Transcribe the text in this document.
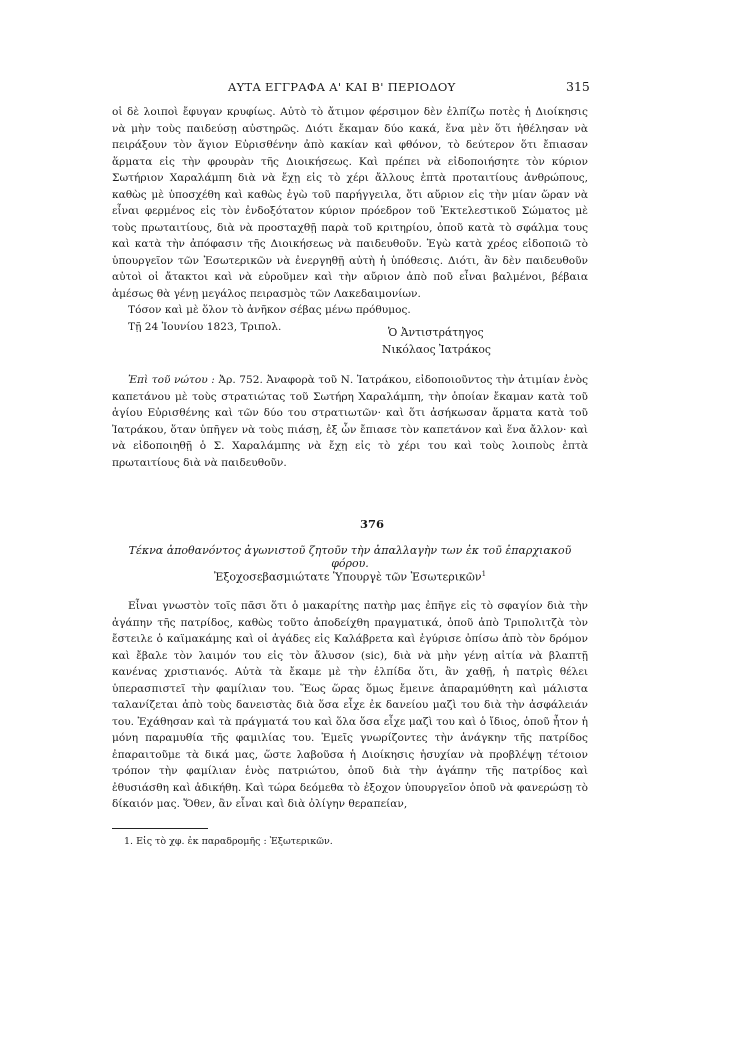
ΑΥΤΑ ΕΓΓΡΑΦΑ Α' ΚΑΙ Β' ΠΕΡΙΟΔΟΥ	315

οἱ δὲ λοιποὶ ἔφυγαν κρυφίως. Αὐτὸ τὸ ἄτιμον φέρσιμον δὲν ἐλπίζω ποτὲς ἡ Διοίκησις νὰ μὴν τοὺς παιδεύσῃ αὐστηρῶς. Διότι ἔκαμαν δύο κακά, ἕνα μὲν ὅτι ἠθέλησαν νὰ πειράξουν τὸν ἅγιον Εὐρισθένην ἀπὸ κακίαν καὶ φθόνον, τὸ δεύτερον ὅτι ἔπιασαν ἅρματα εἰς τὴν φρουρὰν τῆς Διοικήσεως. Καὶ πρέπει νὰ εἰδοποιήσητε τὸν κύριον Σωτήριον Χαραλάμπη διὰ νὰ ἔχῃ εἰς τὸ χέρι ἄλλους ἑπτὰ προταιτίους ἀνθρώπους, καθὼς μὲ ὑποσχέθη καὶ καθὼς ἐγὼ τοῦ παρήγγειλα, ὅτι αὔριον εἰς τὴν μίαν ὥραν νὰ εἶναι φερμένος εἰς τὸν ἐνδοξότατον κύριον πρόεδρον τοῦ Ἐκτελεστικοῦ Σώματος μὲ τοὺς πρωταιτίους, διὰ νὰ προσταχθῇ παρὰ τοῦ κριτηρίου, ὁποῦ κατὰ τὸ σφάλμα τους καὶ κατὰ τὴν ἀπόφασιν τῆς Διοικήσεως νὰ παιδευθοῦν. Ἐγὼ κατὰ χρέος εἰδοποιῶ τὸ ὑπουργεῖον τῶν Ἐσωτερικῶν νὰ ἐνεργηθῇ αὐτὴ ἡ ὑπόθεσις. Διότι, ἂν δὲν παιδευθοῦν αὐτοὶ οἱ ἄτακτοι καὶ νὰ εὑροῦμεν καὶ τὴν αὔριον ἀπὸ ποῦ εἶναι βαλμένοι, βέβαια ἀμέσως θὰ γένῃ μεγάλος πειρασμὸς τῶν Λακεδαιμονίων.

Τόσον καὶ μὲ ὅλον τὸ ἀνῆκον σέβας μένω πρόθυμος.

Τῇ 24 Ἰουνίου 1823, Τριπολ.	Ὁ Ἀντιστράτηγος
Νικόλαος Ἰατράκος

Ἐπὶ τοῦ νώτου : Ἀρ. 752. Ἀναφορὰ τοῦ Ν. Ἰατράκου, εἰδοποιοῦντος τὴν ἀτιμίαν ἑνὸς καπετάνου μὲ τοὺς στρατιώτας τοῦ Σωτήρη Χαραλάμπη, τὴν ὁποίαν ἔκαμαν κατὰ τοῦ ἁγίου Εὐρισθένης καὶ τῶν δύο του στρατιωτῶν· καὶ ὅτι ἀσήκωσαν ἅρματα κατὰ τοῦ Ἰατράκου, ὅταν ὑπῆγεν νὰ τοὺς πιάσῃ, ἐξ ὧν ἔπιασε τὸν καπετάνον καὶ ἕνα ἄλλον· καὶ νὰ εἰδοποιηθῇ ὁ Σ. Χαραλάμπης νὰ ἔχῃ εἰς τὸ χέρι του καὶ τοὺς λοιποὺς ἑπτὰ πρωταιτίους διὰ νὰ παιδευθοῦν.

376
Τέκνα ἀποθανόντος ἀγωνιστοῦ ζητοῦν τὴν ἀπαλλαγὴν των ἐκ τοῦ ἐπαρχιακοῦ φόρου.
Ἐξοχοσεβασμιώτατε Ὑπουργὲ τῶν Ἐσωτερικῶν$^1$

Εἶναι γνωστὸν τοῖς πᾶσι ὅτι ὁ μακαρίτης πατὴρ μας ἐπῆγε εἰς τὸ σφαγίον διὰ τὴν ἀγάπην τῆς πατρίδος, καθὼς τοῦτο ἀποδείχθη πραγματικά, ὁποῦ ἀπὸ Τριπολιτζὰ τὸν ἔστειλε ὁ καϊμακάμης καὶ οἱ ἀγάδες εἰς Καλάβρετα καὶ ἐγύρισε ὀπίσω ἀπὸ τὸν δρόμον καὶ ἔβαλε τὸν λαιμόν του εἰς τὸν ἄλυσον (sic), διὰ νὰ μὴν γένῃ αἰτία νὰ βλαπτῇ κανένας χριστιανός. Αὐτὰ τὰ ἔκαμε μὲ τὴν ἐλπίδα ὅτι, ἂν χαθῇ, ἡ πατρὶς θέλει ὑπερασπιστεῖ τὴν φαμίλιαν του. Ἕως ὥρας ὅμως ἔμεινε ἀπαραμύθητη καὶ μάλιστα ταλανίζεται ἀπὸ τοὺς δανειστὰς διὰ ὅσα εἶχε ἐκ δανείου μαζὶ του διὰ τὴν ἀσφάλειάν του. Ἐχάθησαν καὶ τὰ πράγματά του καὶ ὅλα ὅσα εἶχε μαζὶ του καὶ ὁ ἴδιος, ὁποῦ ἦτον ἡ μόνη παραμυθία τῆς φαμιλίας του. Ἐμεῖς γνωρίζοντες τὴν ἀνάγκην τῆς πατρίδος ἐπαραιτοῦμε τὰ δικά μας, ὥστε λαβοῦσα ἡ Διοίκησις ἡσυχίαν νὰ προβλέψῃ τέτοιον τρόπον τὴν φαμίλιαν ἑνὸς πατριώτου, ὁποῦ διὰ τὴν ἀγάπην τῆς πατρίδος καὶ ἐθυσιάσθη καὶ ἀδικήθη. Καὶ τώρα δεόμεθα τὸ ἐξοχον ὑπουργεῖον ὁποῦ νὰ φανερώσῃ τὸ δίκαιόν μας. Ὅθεν, ἂν εἶναι καὶ διὰ ὀλίγην θεραπείαν,

1. Εἰς τὸ χφ. ἐκ παραδρομῆς : Ἐξωτερικῶν.
